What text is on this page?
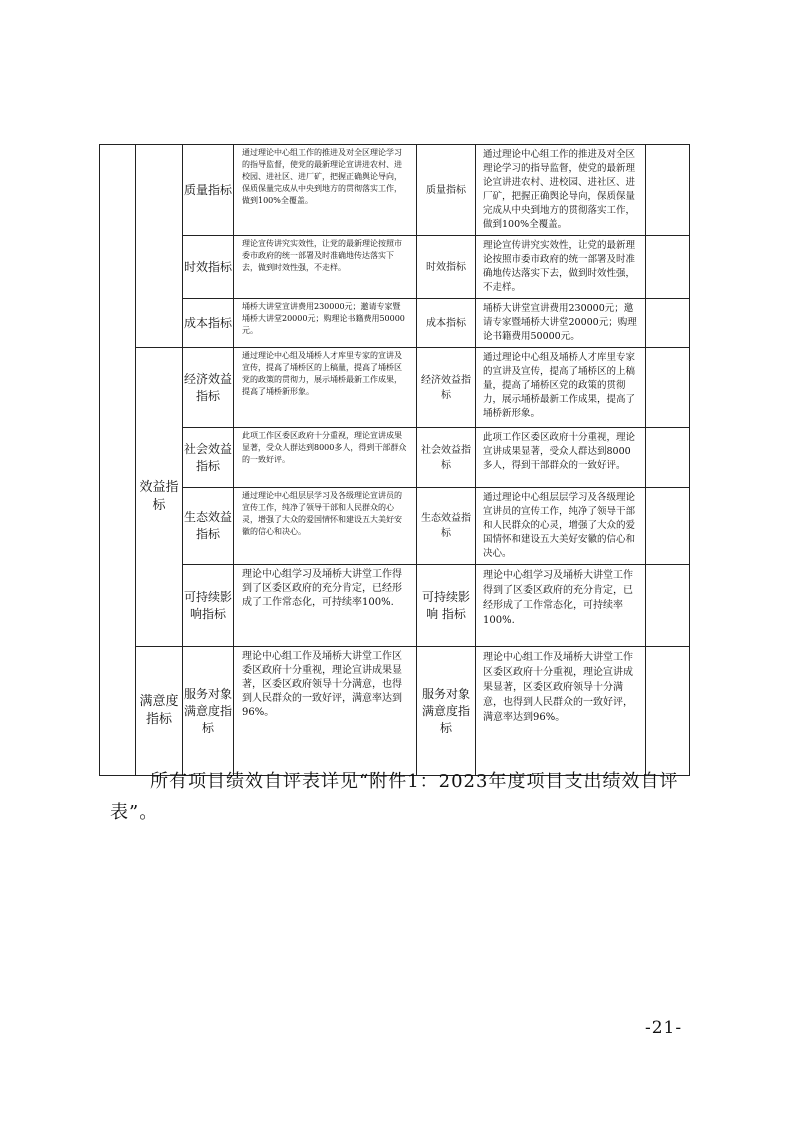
		质量指标	通过理论中心组工作的推进及对全区理论学习的指导监督，使党的最新理论宣讲进农村、进校园、进社区、进厂矿，把握正确舆论导向，保质保量完成从中央到地方的贯彻落实工作，做到100%全覆盖。	质量指标	通过理论中心组工作的推进及对全区理论学习的指导监督，使党的最新理论宣讲进农村、进校园、进社区、进厂矿，把握正确舆论导向，保质保量完成从中央到地方的贯彻落实工作，做到100%全覆盖。	
		时效指标	理论宣传讲究实效性，让党的最新理论按照市委市政府的统一部署及时准确地传达落实下去，做到时效性强，不走样。	时效指标	理论宣传讲究实效性，让党的最新理论按照市委市政府的统一部署及时准确地传达落实下去，做到时效性强，不走样。	
		成本指标	埇桥大讲堂宣讲费用230000元；邀请专家暨埇桥大讲堂20000元；购理论书籍费用50000元。	成本指标	埇桥大讲堂宣讲费用230000元；邀请专家暨埇桥大讲堂20000元；购理论书籍费用50000元。	
	效益指标	经济效益指标	通过理论中心组及埇桥人才库里专家的宣讲及宣传，提高了埇桥区的上稿量，提高了埇桥区党的政策的贯彻力，展示埇桥最新工作成果，提高了埇桥新形象。	经济效益指标	通过理论中心组及埇桥人才库里专家的宣讲及宣传，提高了埇桥区的上稿量，提高了埇桥区党的政策的贯彻力，展示埇桥最新工作成果，提高了埇桥新形象。	
		社会效益指标	此项工作区委区政府十分重视，理论宣讲成果显著，受众人群达到8000多人，得到干部群众的一致好评。	社会效益指标	此项工作区委区政府十分重视，理论宣讲成果显著，受众人群达到8000多人，得到干部群众的一致好评。	
		生态效益指标	通过理论中心组层层学习及各级理论宣讲员的宣传工作，纯净了领导干部和人民群众的心灵，增强了大众的爱国情怀和建设五大美好安徽的信心和决心。	生态效益指标	通过理论中心组层层学习及各级理论宣讲员的宣传工作，纯净了领导干部和人民群众的心灵，增强了大众的爱国情怀和建设五大美好安徽的信心和决心。	
		可持续影响指标	理论中心组学习及埇桥大讲堂工作得到了区委区政府的充分肯定，已经形成了工作常态化，可持续率100%.	可持续影响 指标	理论中心组学习及埇桥大讲堂工作得到了区委区政府的充分肯定，已经形成了工作常态化，可持续率100%.	
	满意度指标	服务对象满意度指标	理论中心组工作及埇桥大讲堂工作区委区政府十分重视，理论宣讲成果显著，区委区政府领导十分满意，也得到人民群众的一致好评，满意率达到96%。	服务对象 满意度指标	理论中心组工作及埇桥大讲堂工作区委区政府十分重视，理论宣讲成果显著，区委区政府领导十分满意，也得到人民群众的一致好评，满意率达到96%。	

所有项目绩效自评表详见“附件1：2023年度项目支出绩效自评表”。

-21-
